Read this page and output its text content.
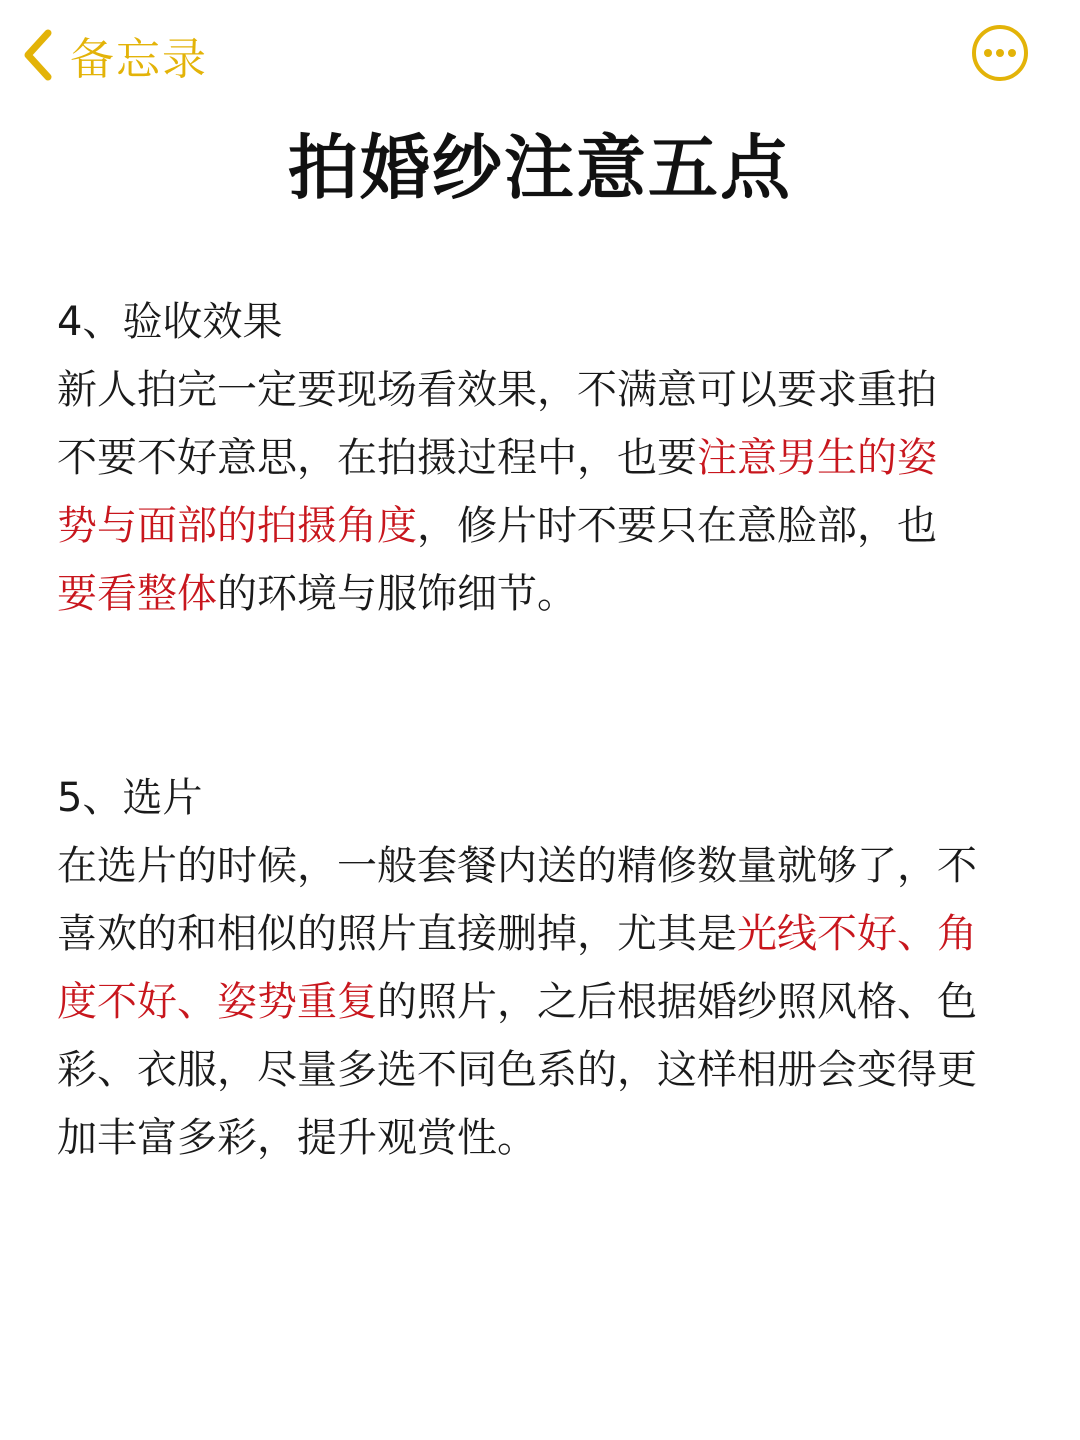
备忘录
拍婚纱注意五点
4、验收效果
新人拍完一定要现场看效果，不满意可以要求重拍
不要不好意思，在拍摄过程中，也要注意男生的姿
势与面部的拍摄角度，修片时不要只在意脸部，也
要看整体的环境与服饰细节。
5、选片
在选片的时候，一般套餐内送的精修数量就够了，不
喜欢的和相似的照片直接删掉，尤其是光线不好、角
度不好、姿势重复的照片，之后根据婚纱照风格、色
彩、衣服，尽量多选不同色系的，这样相册会变得更
加丰富多彩，提升观赏性。
